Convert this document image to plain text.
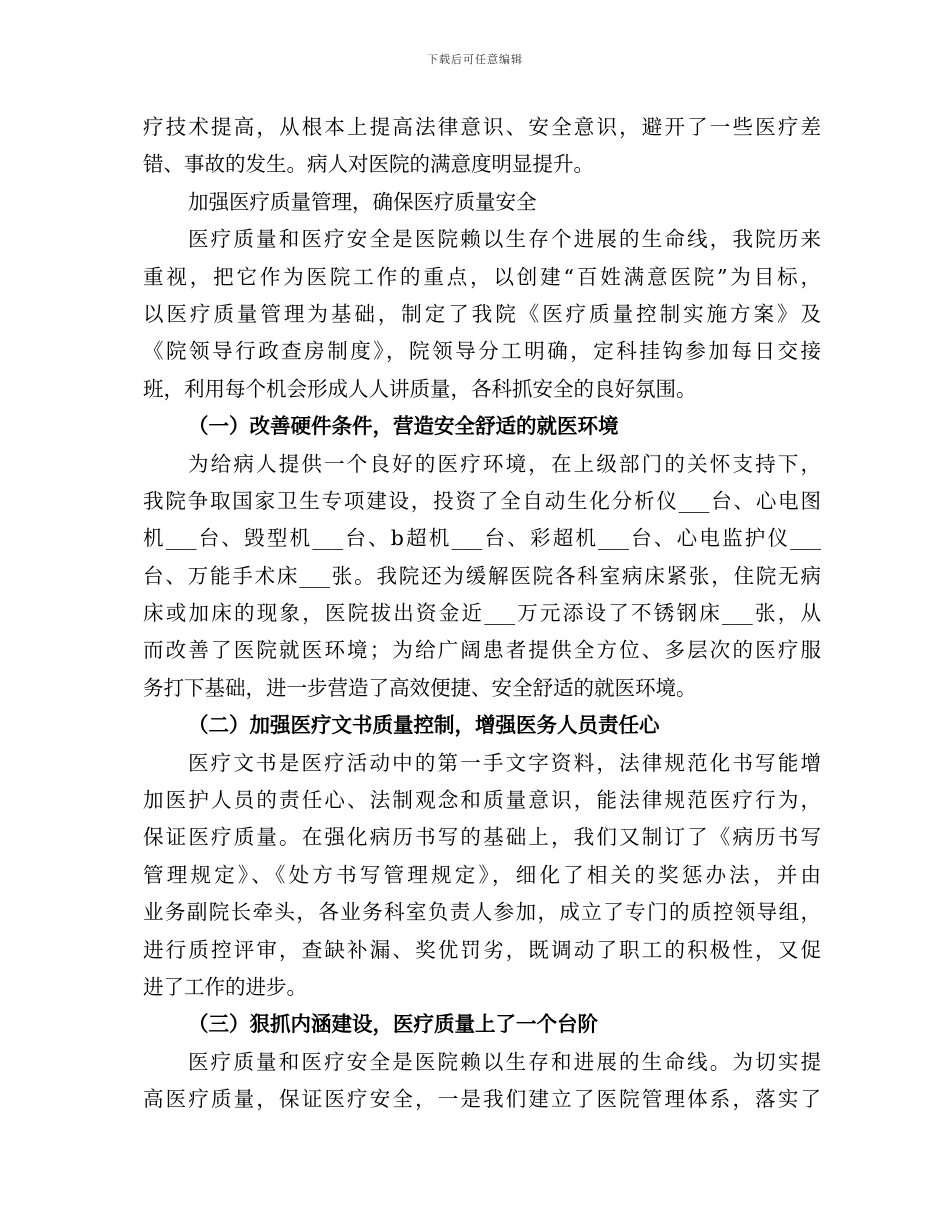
下载后可任意编辑
疗技术提高，从根本上提高法律意识、安全意识，避开了一些医疗差
错、事故的发生。病人对医院的满意度明显提升。
加强医疗质量管理，确保医疗质量安全
医疗质量和医疗安全是医院赖以生存个进展的生命线，我院历来
重视，把它作为医院工作的重点，以创建“百姓满意医院”为目标，
以医疗质量管理为基础，制定了我院《医疗质量控制实施方案》及
《院领导行政查房制度》，院领导分工明确，定科挂钩参加每日交接
班，利用每个机会形成人人讲质量，各科抓安全的良好氛围。
（一）改善硬件条件，营造安全舒适的就医环境
为给病人提供一个良好的医疗环境，在上级部门的关怀支持下，
我院争取国家卫生专项建设，投资了全自动生化分析仪___台、心电图
机___台、毁型机___台、b超机___台、彩超机___台、心电监护仪___
台、万能手术床___张。我院还为缓解医院各科室病床紧张，住院无病
床或加床的现象，医院拔出资金近___万元添设了不锈钢床___张，从
而改善了医院就医环境；为给广阔患者提供全方位、多层次的医疗服
务打下基础，进一步营造了高效便捷、安全舒适的就医环境。
（二）加强医疗文书质量控制，增强医务人员责任心
医疗文书是医疗活动中的第一手文字资料，法律规范化书写能增
加医护人员的责任心、法制观念和质量意识，能法律规范医疗行为，
保证医疗质量。在强化病历书写的基础上，我们又制订了《病历书写
管理规定》、《处方书写管理规定》，细化了相关的奖惩办法，并由
业务副院长牵头，各业务科室负责人参加，成立了专门的质控领导组，
进行质控评审，查缺补漏、奖优罚劣，既调动了职工的积极性，又促
进了工作的进步。
（三）狠抓内涵建设，医疗质量上了一个台阶
医疗质量和医疗安全是医院赖以生存和进展的生命线。为切实提
高医疗质量，保证医疗安全，一是我们建立了医院管理体系，落实了
